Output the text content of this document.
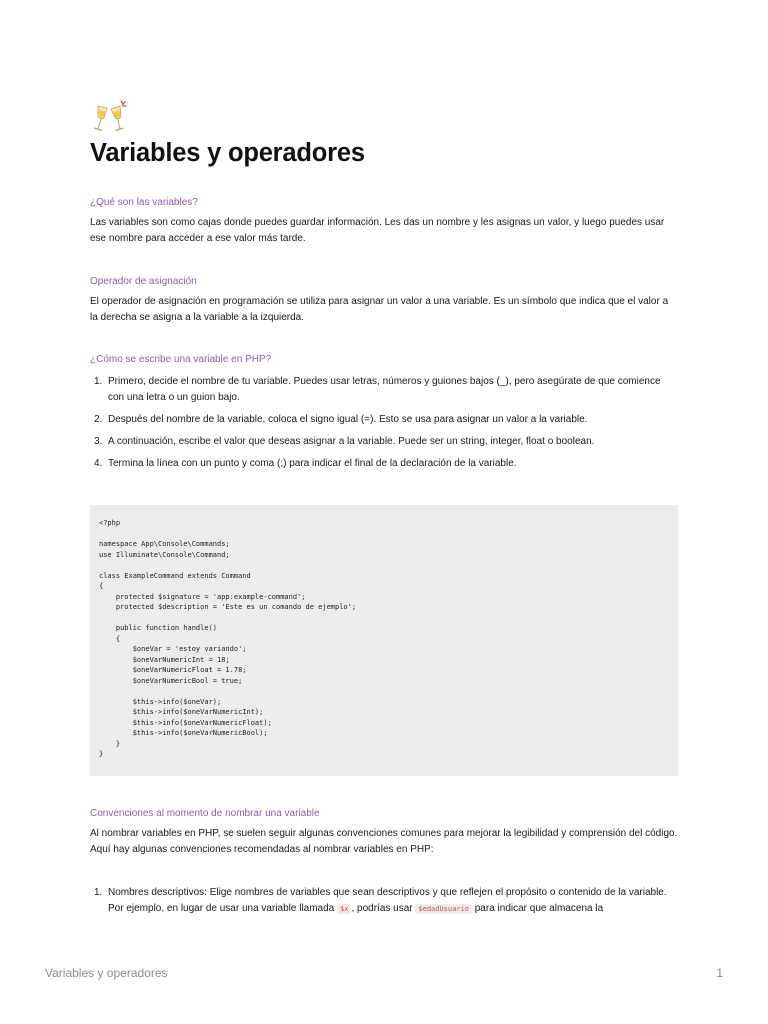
Variables y operadores
¿Qué son las variables?

Las variables son como cajas donde puedes guardar información. Les das un nombre y les asignas un valor, y luego puedes usar ese nombre para acceder a ese valor más tarde.

Operador de asignación

El operador de asignación en programación se utiliza para asignar un valor a una variable. Es un símbolo que indica que el valor a la derecha se asigna a la variable a la izquierda.

¿Cómo se escribe una variable en PHP?
1. Primero, decide el nombre de tu variable. Puedes usar letras, números y guiones bajos (_), pero asegúrate de que comience con una letra o un guion bajo.
2. Después del nombre de la variable, coloca el signo igual (=). Esto se usa para asignar un valor a la variable.
3. A continuación, escribe el valor que deseas asignar a la variable. Puede ser un string, integer, float o boolean.
4. Termina la línea con un punto y coma (;) para indicar el final de la declaración de la variable.
<?php

namespace App\Console\Commands;
use Illuminate\Console\Command;

class ExampleCommand extends Command
{
protected $signature = 'app:example-command';
protected $description = 'Este es un comando de ejemplo';

public function handle()
{
$oneVar = 'estoy variando';
$oneVarNumericInt = 18;
$oneVarNumericFloat = 1.78;
$oneVarNumericBool = true;

$this->info($oneVar);
$this->info($oneVarNumericInt);
$this->info($oneVarNumericFloat);
$this->info($oneVarNumericBool);
}
}
Convenciones al momento de nombrar una variable

Al nombrar variables en PHP, se suelen seguir algunas convenciones comunes para mejorar la legibilidad y comprensión del código. Aquí hay algunas convenciones recomendadas al nombrar variables en PHP:

1. Nombres descriptivos: Elige nombres de variables que sean descriptivos y que reflejen el propósito o contenido de la variable. Por ejemplo, en lugar de usar una variable llamada $x , podrías usar $edadUsuario para indicar que almacena la
Variables y operadores	1
